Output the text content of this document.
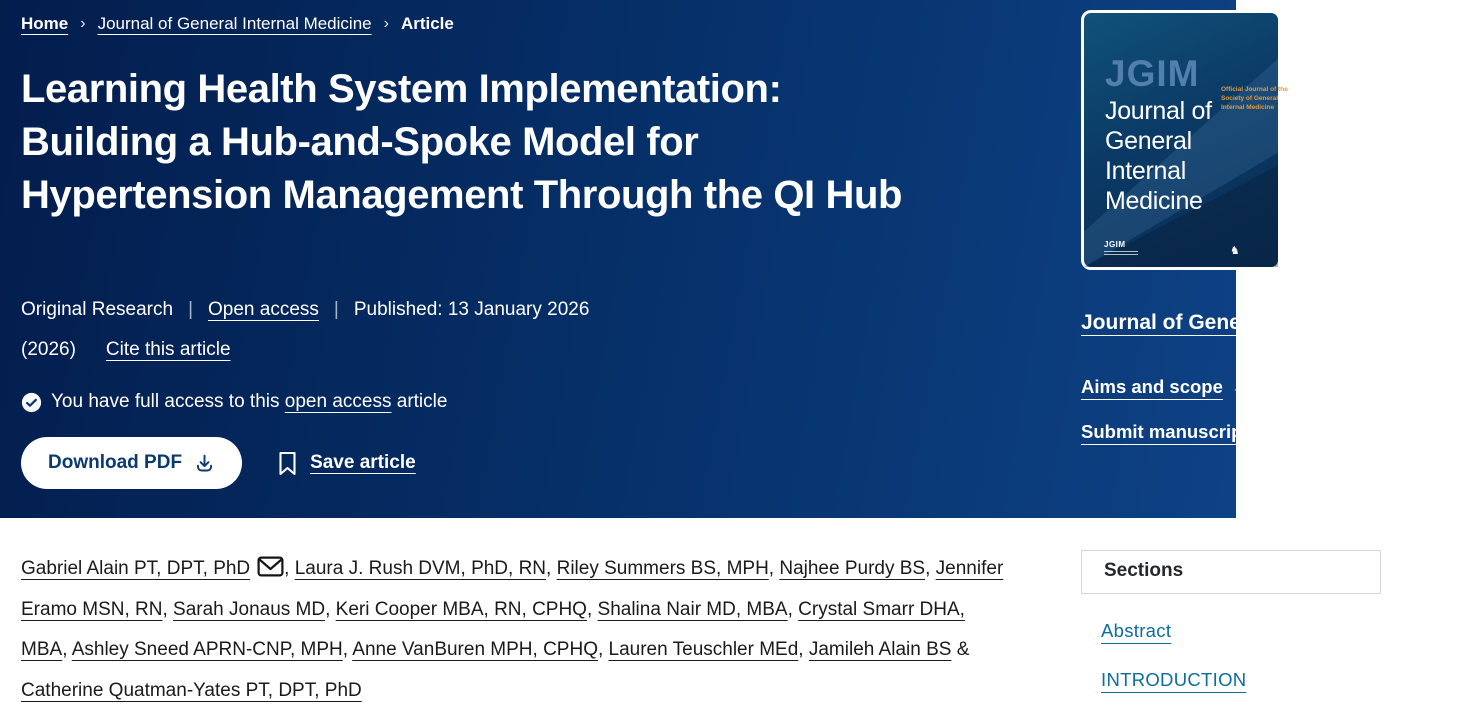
Home › Journal of General Internal Medicine › Article
Learning Health System Implementation: Building a Hub-and-Spoke Model for Hypertension Management Through the QI Hub
Original Research | Open access | Published: 13 January 2026
(2026) Cite this article
You have full access to this open access article
Download PDF	Save article
JGIM
Journal of General Internal Medicine
Official Journal of the Society of General Internal Medicine
JGIM
♞
Journal of General Internal Medicine
Aims and scope →
Submit manuscript →

Gabriel Alain PT, DPT, PhD , Laura J. Rush DVM, PhD, RN, Riley Summers BS, MPH, Najhee Purdy BS, Jennifer Eramo MSN, RN, Sarah Jonaus MD, Keri Cooper MBA, RN, CPHQ, Shalina Nair MD, MBA, Crystal Smarr DHA, MBA, Ashley Sneed APRN-CNP, MPH, Anne VanBuren MPH, CPHQ, Lauren Teuschler MEd, Jamileh Alain BS & Catherine Quatman-Yates PT, DPT, PhD

Sections
Abstract
INTRODUCTION
